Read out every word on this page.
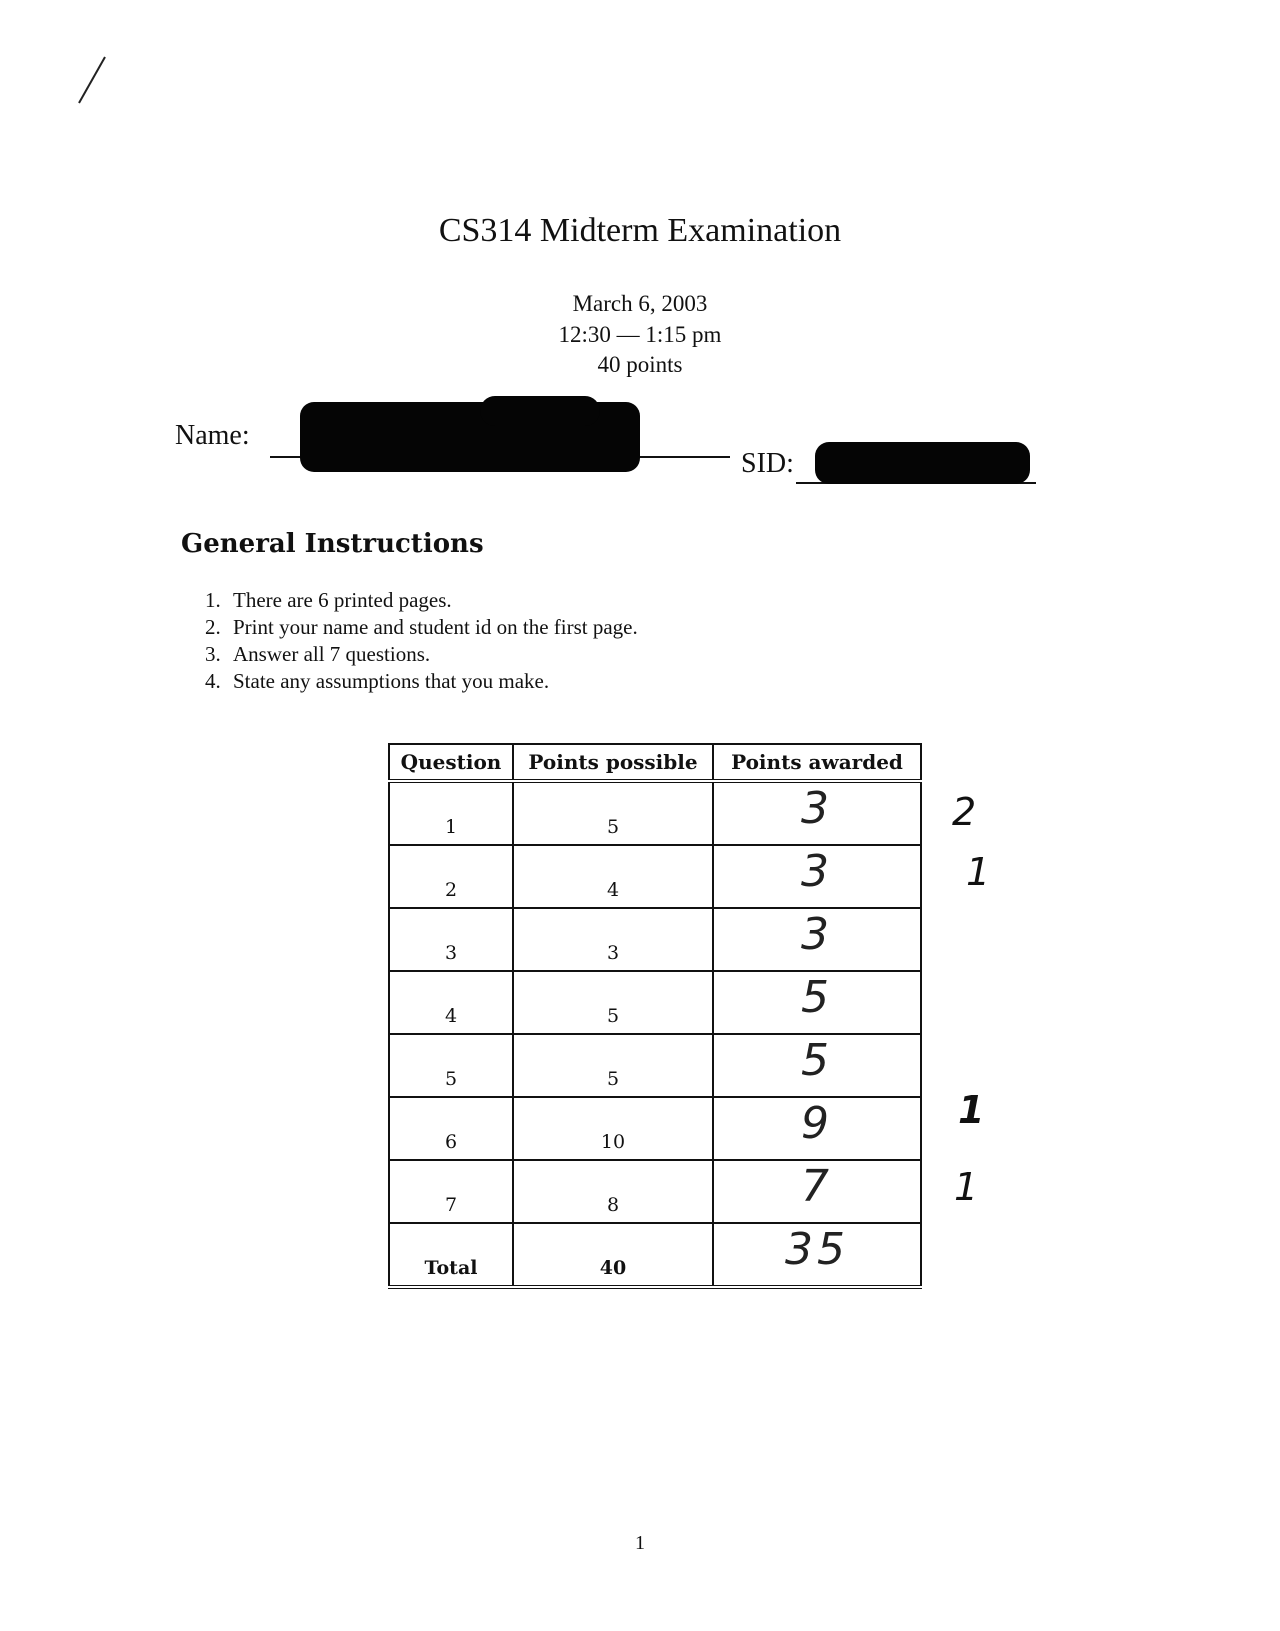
CS314 Midterm Examination
March 6, 2003
12:30 — 1:15 pm
40 points
Name:
SID:
General Instructions
1. There are 6 printed pages.
2. Print your name and student id on the first page.
3. Answer all 7 questions.
4. State any assumptions that you make.
Question	Points possible	Points awarded
1	5	3
2	4	3
3	3	3
4	5	5
5	5	5
6	10	9
7	8	7
Total	40	35
2
1
1
1
1
